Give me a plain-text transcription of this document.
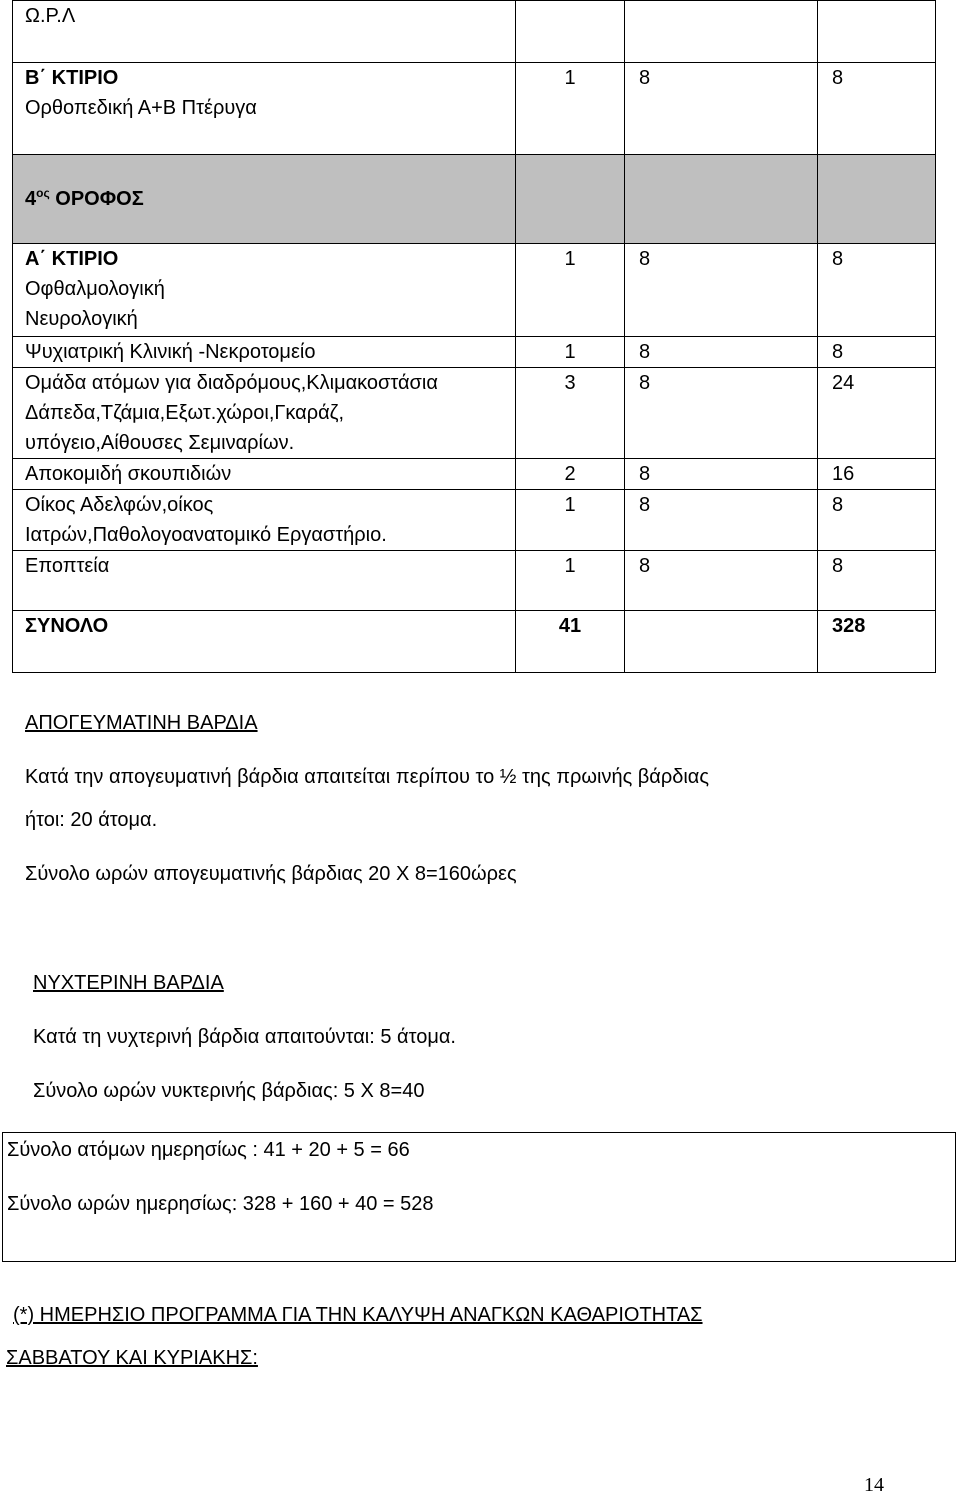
Ω.Ρ.Λ			

Β΄ ΚΤΙΡΙΟ
Ορθοπεδική Α+Β Πτέρυγα	1	8	8
$4^{o\varsigma}$ ΟΡΟΦΟΣ			

Α΄ ΚΤΙΡΙΟ
Οφθαλμολογική
Νευρολογική	1	8	8

Ψυχιατρική Κλινική -Νεκροτομείο	1	8	8

Ομάδα ατόμων για διαδρόμους,Κλιμακοστάσια
Δάπεδα,Τζάμια,Εξωτ.χώροι,Γκαράζ,
υπόγειο,Αίθουσες Σεμιναρίων.	3	8	24

Αποκομιδή σκουπιδιών	2	8	16

Οίκος Αδελφών,οίκος
Ιατρών,Παθολογοανατομικό Εργαστήριο.	1	8	8

Εποπτεία	1	8	8

ΣΥΝΟΛΟ	41		328
ΑΠΟΓΕΥΜΑΤΙΝΗ ΒΑΡΔΙΑ
Κατά την απογευματινή βάρδια απαιτείται περίπου το ½ της πρωινής βάρδιας
ήτοι: 20 άτομα.
Σύνολο ωρών απογευματινής βάρδιας 20 Χ 8=160ώρες
ΝΥΧΤΕΡΙΝΗ ΒΑΡΔΙΑ
Κατά τη νυχτερινή βάρδια απαιτούνται: 5 άτομα.
Σύνολο ωρών νυκτερινής βάρδιας: 5 Χ 8=40
Σύνολο ατόμων ημερησίως : 41 + 20 + 5 = 66
Σύνολο ωρών ημερησίως: 328 + 160 + 40 = 528
(*) ΗΜΕΡΗΣΙΟ ΠΡΟΓΡΑΜΜΑ ΓΙΑ ΤΗΝ ΚΑΛΥΨΗ ΑΝΑΓΚΩΝ ΚΑΘΑΡΙΟΤΗΤΑΣ
ΣΑΒΒΑΤΟΥ ΚΑΙ ΚΥΡΙΑΚΗΣ:
14
